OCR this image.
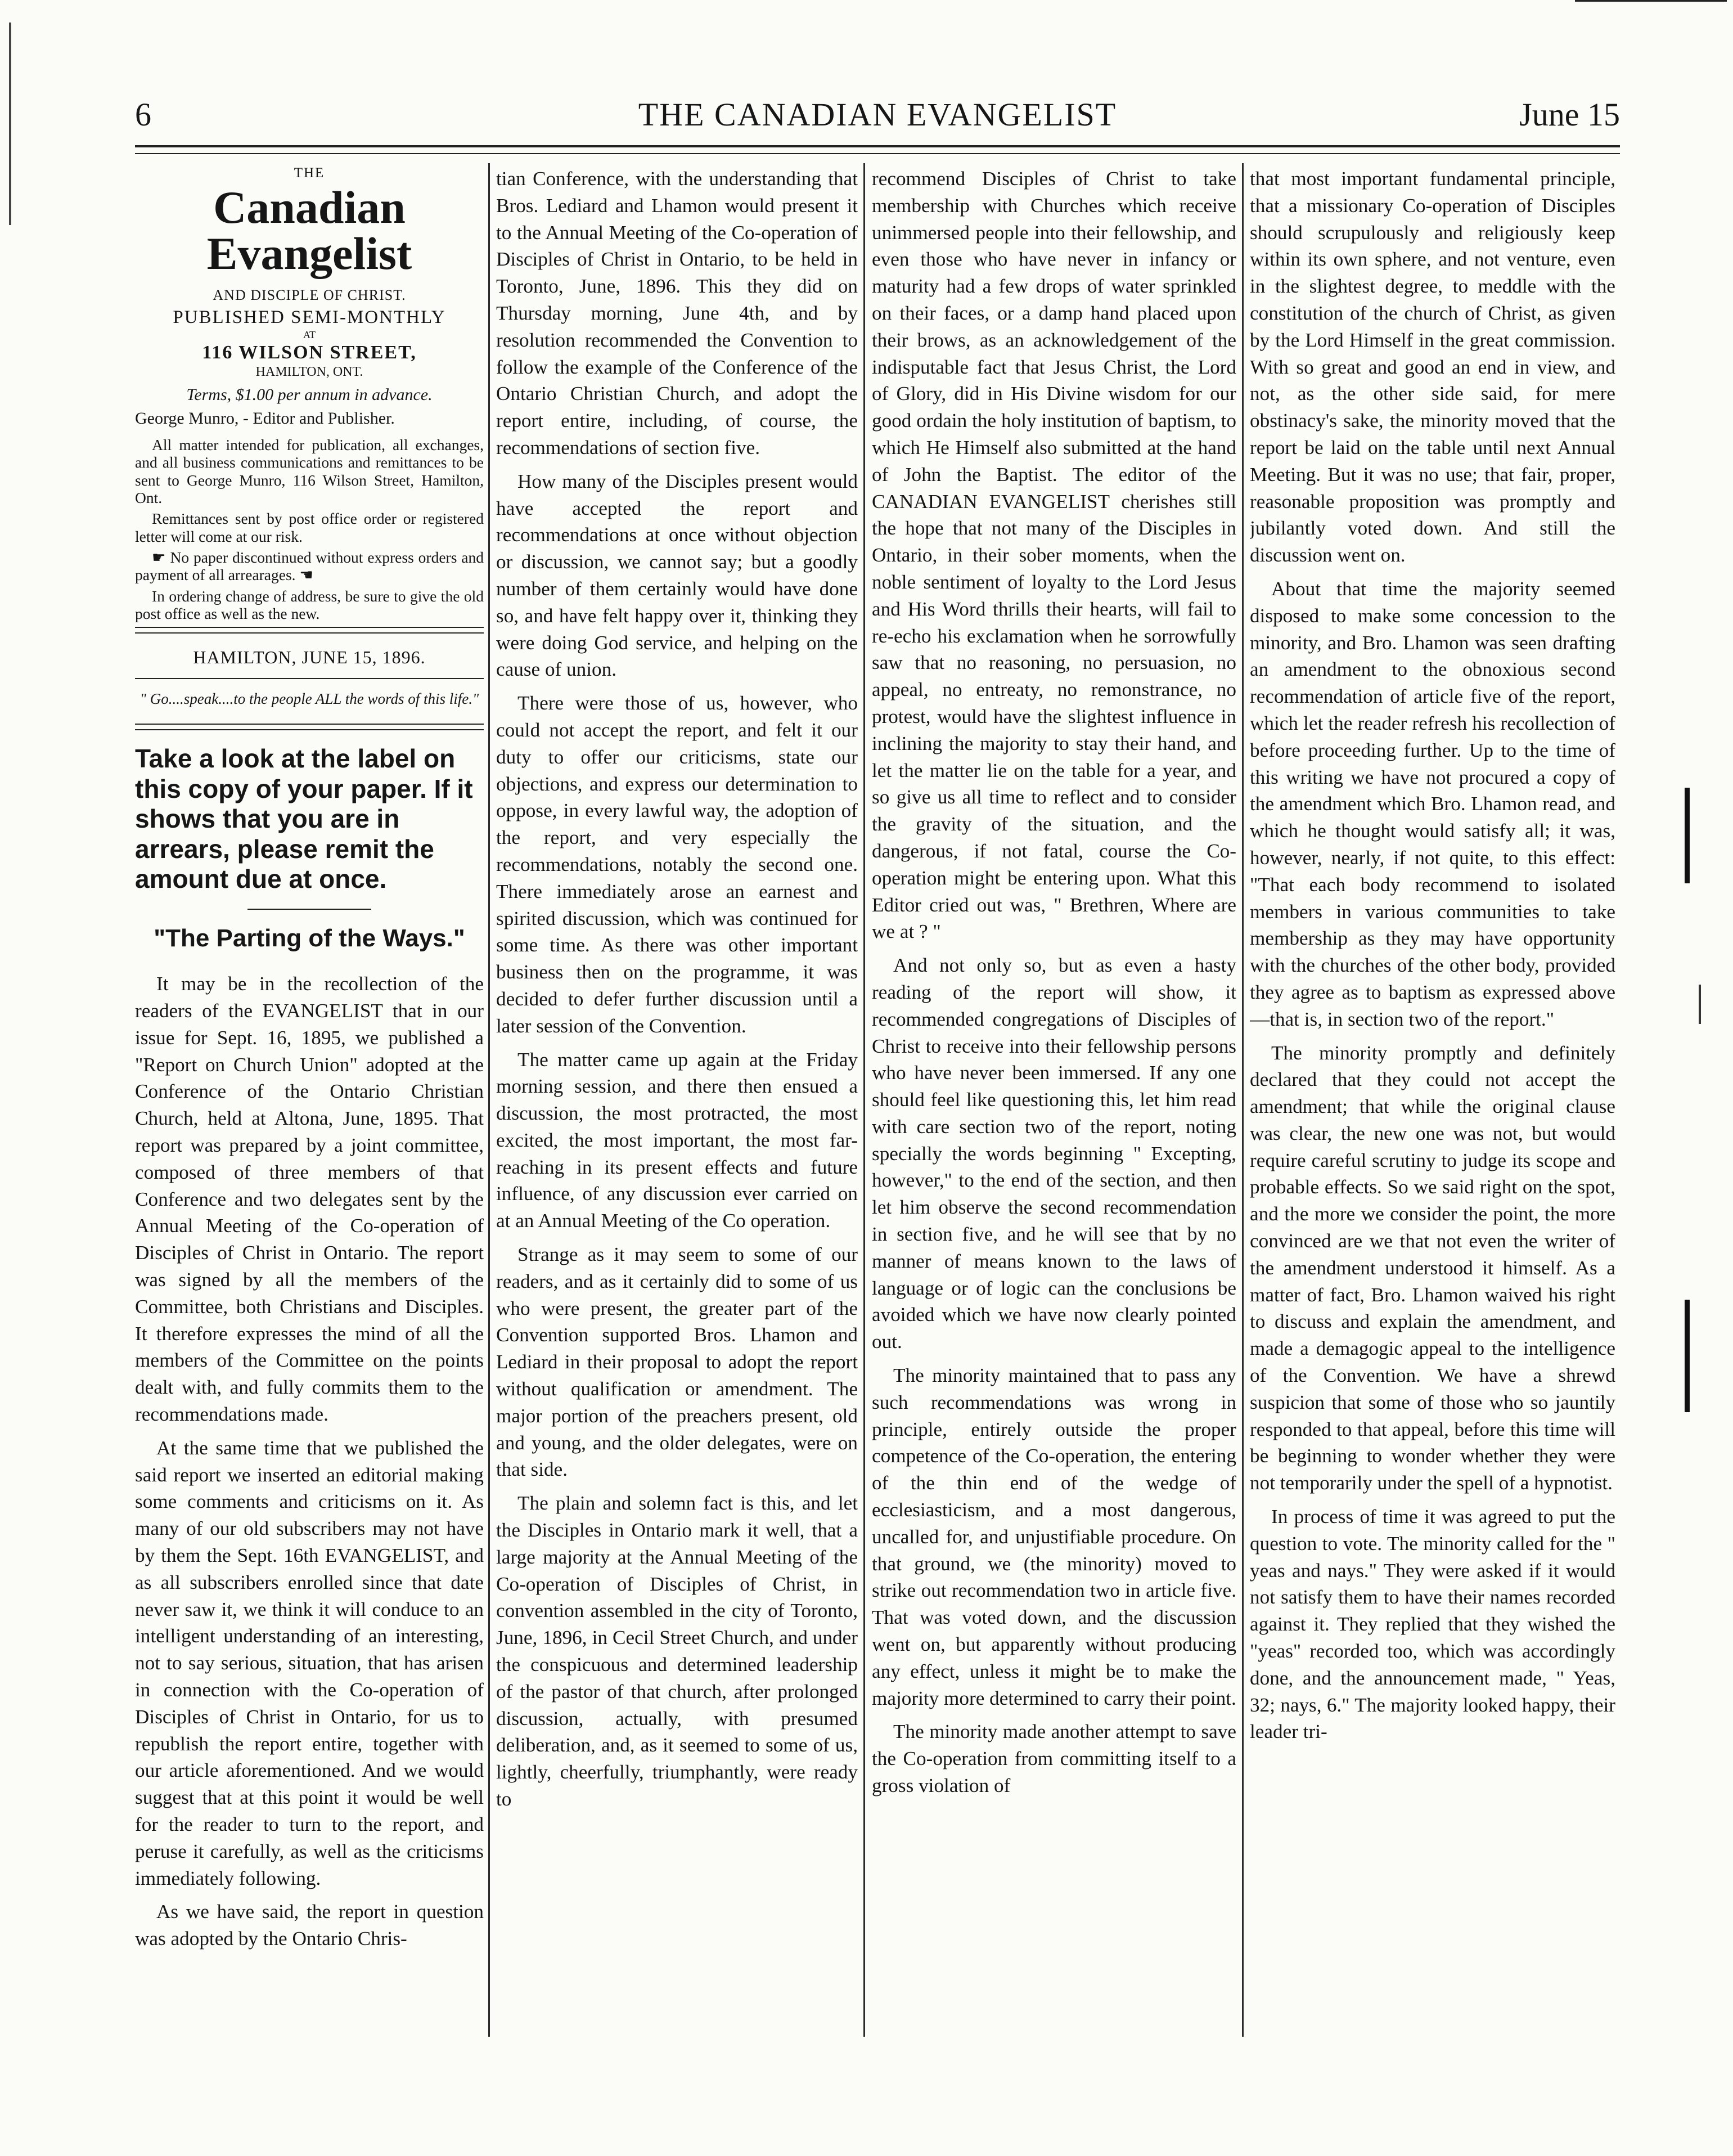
6	THE CANADIAN EVANGELIST	June 15
THE
Canadian Evangelist
AND DISCIPLE OF CHRIST.
PUBLISHED SEMI-MONTHLY
AT
116 WILSON STREET,
HAMILTON, ONT.
Terms, $1.00 per annum in advance.
George Munro, - Editor and Publisher.

All matter intended for publication, all exchanges, and all business communications and remittances to be sent to George Munro, 116 Wilson Street, Hamilton, Ont.

Remittances sent by post office order or registered letter will come at our risk.

☛ No paper discontinued without express orders and payment of all arrearages. ☚

In ordering change of address, be sure to give the old post office as well as the new.

HAMILTON, JUNE 15, 1896.
" Go....speak....to the people ALL the words of this life."
Take a look at the label on this copy of your paper. If it shows that you are in arrears, please remit the amount due at once.
"The Parting of the Ways."

It may be in the recollection of the readers of the EVANGELIST that in our issue for Sept. 16, 1895, we published a "Report on Church Union" adopted at the Conference of the Ontario Christian Church, held at Altona, June, 1895. That report was prepared by a joint committee, composed of three members of that Conference and two delegates sent by the Annual Meeting of the Co-operation of Disciples of Christ in Ontario. The report was signed by all the members of the Committee, both Christians and Disciples. It therefore expresses the mind of all the members of the Committee on the points dealt with, and fully commits them to the recommendations made.

At the same time that we published the said report we inserted an editorial making some comments and criticisms on it. As many of our old subscribers may not have by them the Sept. 16th EVANGELIST, and as all subscribers enrolled since that date never saw it, we think it will conduce to an intelligent understanding of an interesting, not to say serious, situation, that has arisen in connection with the Co-operation of Disciples of Christ in Ontario, for us to republish the report entire, together with our article aforementioned. And we would suggest that at this point it would be well for the reader to turn to the report, and peruse it carefully, as well as the criticisms immediately following.

As we have said, the report in question was adopted by the Ontario Chris-

tian Conference, with the understanding that Bros. Lediard and Lhamon would present it to the Annual Meeting of the Co-operation of Disciples of Christ in Ontario, to be held in Toronto, June, 1896. This they did on Thursday morning, June 4th, and by resolution recommended the Convention to follow the example of the Conference of the Ontario Christian Church, and adopt the report entire, including, of course, the recommendations of section five.

How many of the Disciples present would have accepted the report and recommendations at once without objection or discussion, we cannot say; but a goodly number of them certainly would have done so, and have felt happy over it, thinking they were doing God service, and helping on the cause of union.

There were those of us, however, who could not accept the report, and felt it our duty to offer our criticisms, state our objections, and express our determination to oppose, in every lawful way, the adoption of the report, and very especially the recommendations, notably the second one. There immediately arose an earnest and spirited discussion, which was continued for some time. As there was other important business then on the programme, it was decided to defer further discussion until a later session of the Convention.

The matter came up again at the Friday morning session, and there then ensued a discussion, the most protracted, the most excited, the most important, the most far-reaching in its present effects and future influence, of any discussion ever carried on at an Annual Meeting of the Co operation.

Strange as it may seem to some of our readers, and as it certainly did to some of us who were present, the greater part of the Convention supported Bros. Lhamon and Lediard in their proposal to adopt the report without qualification or amendment. The major portion of the preachers present, old and young, and the older delegates, were on that side.

The plain and solemn fact is this, and let the Disciples in Ontario mark it well, that a large majority at the Annual Meeting of the Co-operation of Disciples of Christ, in convention assembled in the city of Toronto, June, 1896, in Cecil Street Church, and under the conspicuous and determined leadership of the pastor of that church, after prolonged discussion, actually, with presumed deliberation, and, as it seemed to some of us, lightly, cheerfully, triumphantly, were ready to

recommend Disciples of Christ to take membership with Churches which receive unimmersed people into their fellowship, and even those who have never in infancy or maturity had a few drops of water sprinkled on their faces, or a damp hand placed upon their brows, as an acknowledgement of the indisputable fact that Jesus Christ, the Lord of Glory, did in His Divine wisdom for our good ordain the holy institution of baptism, to which He Himself also submitted at the hand of John the Baptist. The editor of the CANADIAN EVANGELIST cherishes still the hope that not many of the Disciples in Ontario, in their sober moments, when the noble sentiment of loyalty to the Lord Jesus and His Word thrills their hearts, will fail to re-echo his exclamation when he sorrowfully saw that no reasoning, no persuasion, no appeal, no entreaty, no remonstrance, no protest, would have the slightest influence in inclining the majority to stay their hand, and let the matter lie on the table for a year, and so give us all time to reflect and to consider the gravity of the situation, and the dangerous, if not fatal, course the Co-operation might be entering upon. What this Editor cried out was, " Brethren, Where are we at ? "

And not only so, but as even a hasty reading of the report will show, it recommended congregations of Disciples of Christ to receive into their fellowship persons who have never been immersed. If any one should feel like questioning this, let him read with care section two of the report, noting specially the words beginning " Excepting, however," to the end of the section, and then let him observe the second recommendation in section five, and he will see that by no manner of means known to the laws of language or of logic can the conclusions be avoided which we have now clearly pointed out.

The minority maintained that to pass any such recommendations was wrong in principle, entirely outside the proper competence of the Co-operation, the entering of the thin end of the wedge of ecclesiasticism, and a most dangerous, uncalled for, and unjustifiable procedure. On that ground, we (the minority) moved to strike out recommendation two in article five. That was voted down, and the discussion went on, but apparently without producing any effect, unless it might be to make the majority more determined to carry their point.

The minority made another attempt to save the Co-operation from committing itself to a gross violation of

that most important fundamental principle, that a missionary Co-operation of Disciples should scrupulously and religiously keep within its own sphere, and not venture, even in the slightest degree, to meddle with the constitution of the church of Christ, as given by the Lord Himself in the great commission. With so great and good an end in view, and not, as the other side said, for mere obstinacy's sake, the minority moved that the report be laid on the table until next Annual Meeting. But it was no use; that fair, proper, reasonable proposition was promptly and jubilantly voted down. And still the discussion went on.

About that time the majority seemed disposed to make some concession to the minority, and Bro. Lhamon was seen drafting an amendment to the obnoxious second recommendation of article five of the report, which let the reader refresh his recollection of before proceeding further. Up to the time of this writing we have not procured a copy of the amendment which Bro. Lhamon read, and which he thought would satisfy all; it was, however, nearly, if not quite, to this effect: "That each body recommend to isolated members in various communities to take membership as they may have opportunity with the churches of the other body, provided they agree as to baptism as expressed above—that is, in section two of the report."

The minority promptly and definitely declared that they could not accept the amendment; that while the original clause was clear, the new one was not, but would require careful scrutiny to judge its scope and probable effects. So we said right on the spot, and the more we consider the point, the more convinced are we that not even the writer of the amendment understood it himself. As a matter of fact, Bro. Lhamon waived his right to discuss and explain the amendment, and made a demagogic appeal to the intelligence of the Convention. We have a shrewd suspicion that some of those who so jauntily responded to that appeal, before this time will be beginning to wonder whether they were not temporarily under the spell of a hypnotist.

In process of time it was agreed to put the question to vote. The minority called for the " yeas and nays." They were asked if it would not satisfy them to have their names recorded against it. They replied that they wished the "yeas" recorded too, which was accordingly done, and the announcement made, " Yeas, 32; nays, 6." The majority looked happy, their leader tri-
